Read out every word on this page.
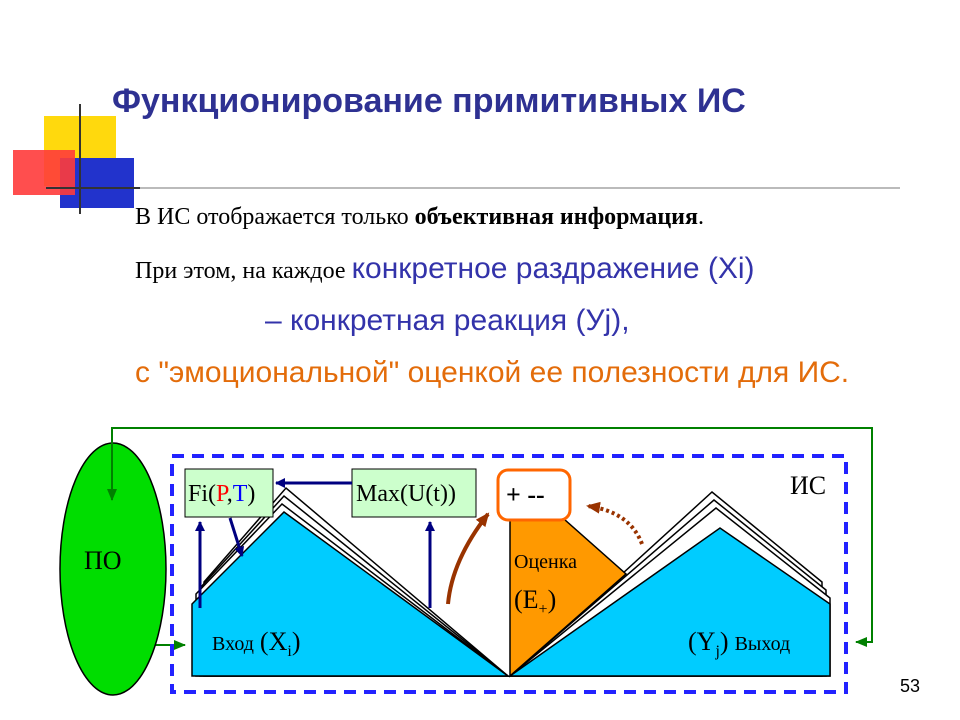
Функционирование примитивных ИС
В ИС отображается только объективная информация.
При этом, на каждое конкретное раздражение (Xi)
– конкретная реакция (Уj),
с "эмоциональной" оценкой ее полезности для ИС.
ПО
Вход $(X_i)$	$(Y_j)$ Выход
Оценка
$(E_+)$
ИС
Fi(P,T)	Max(U(t)) + --
53
